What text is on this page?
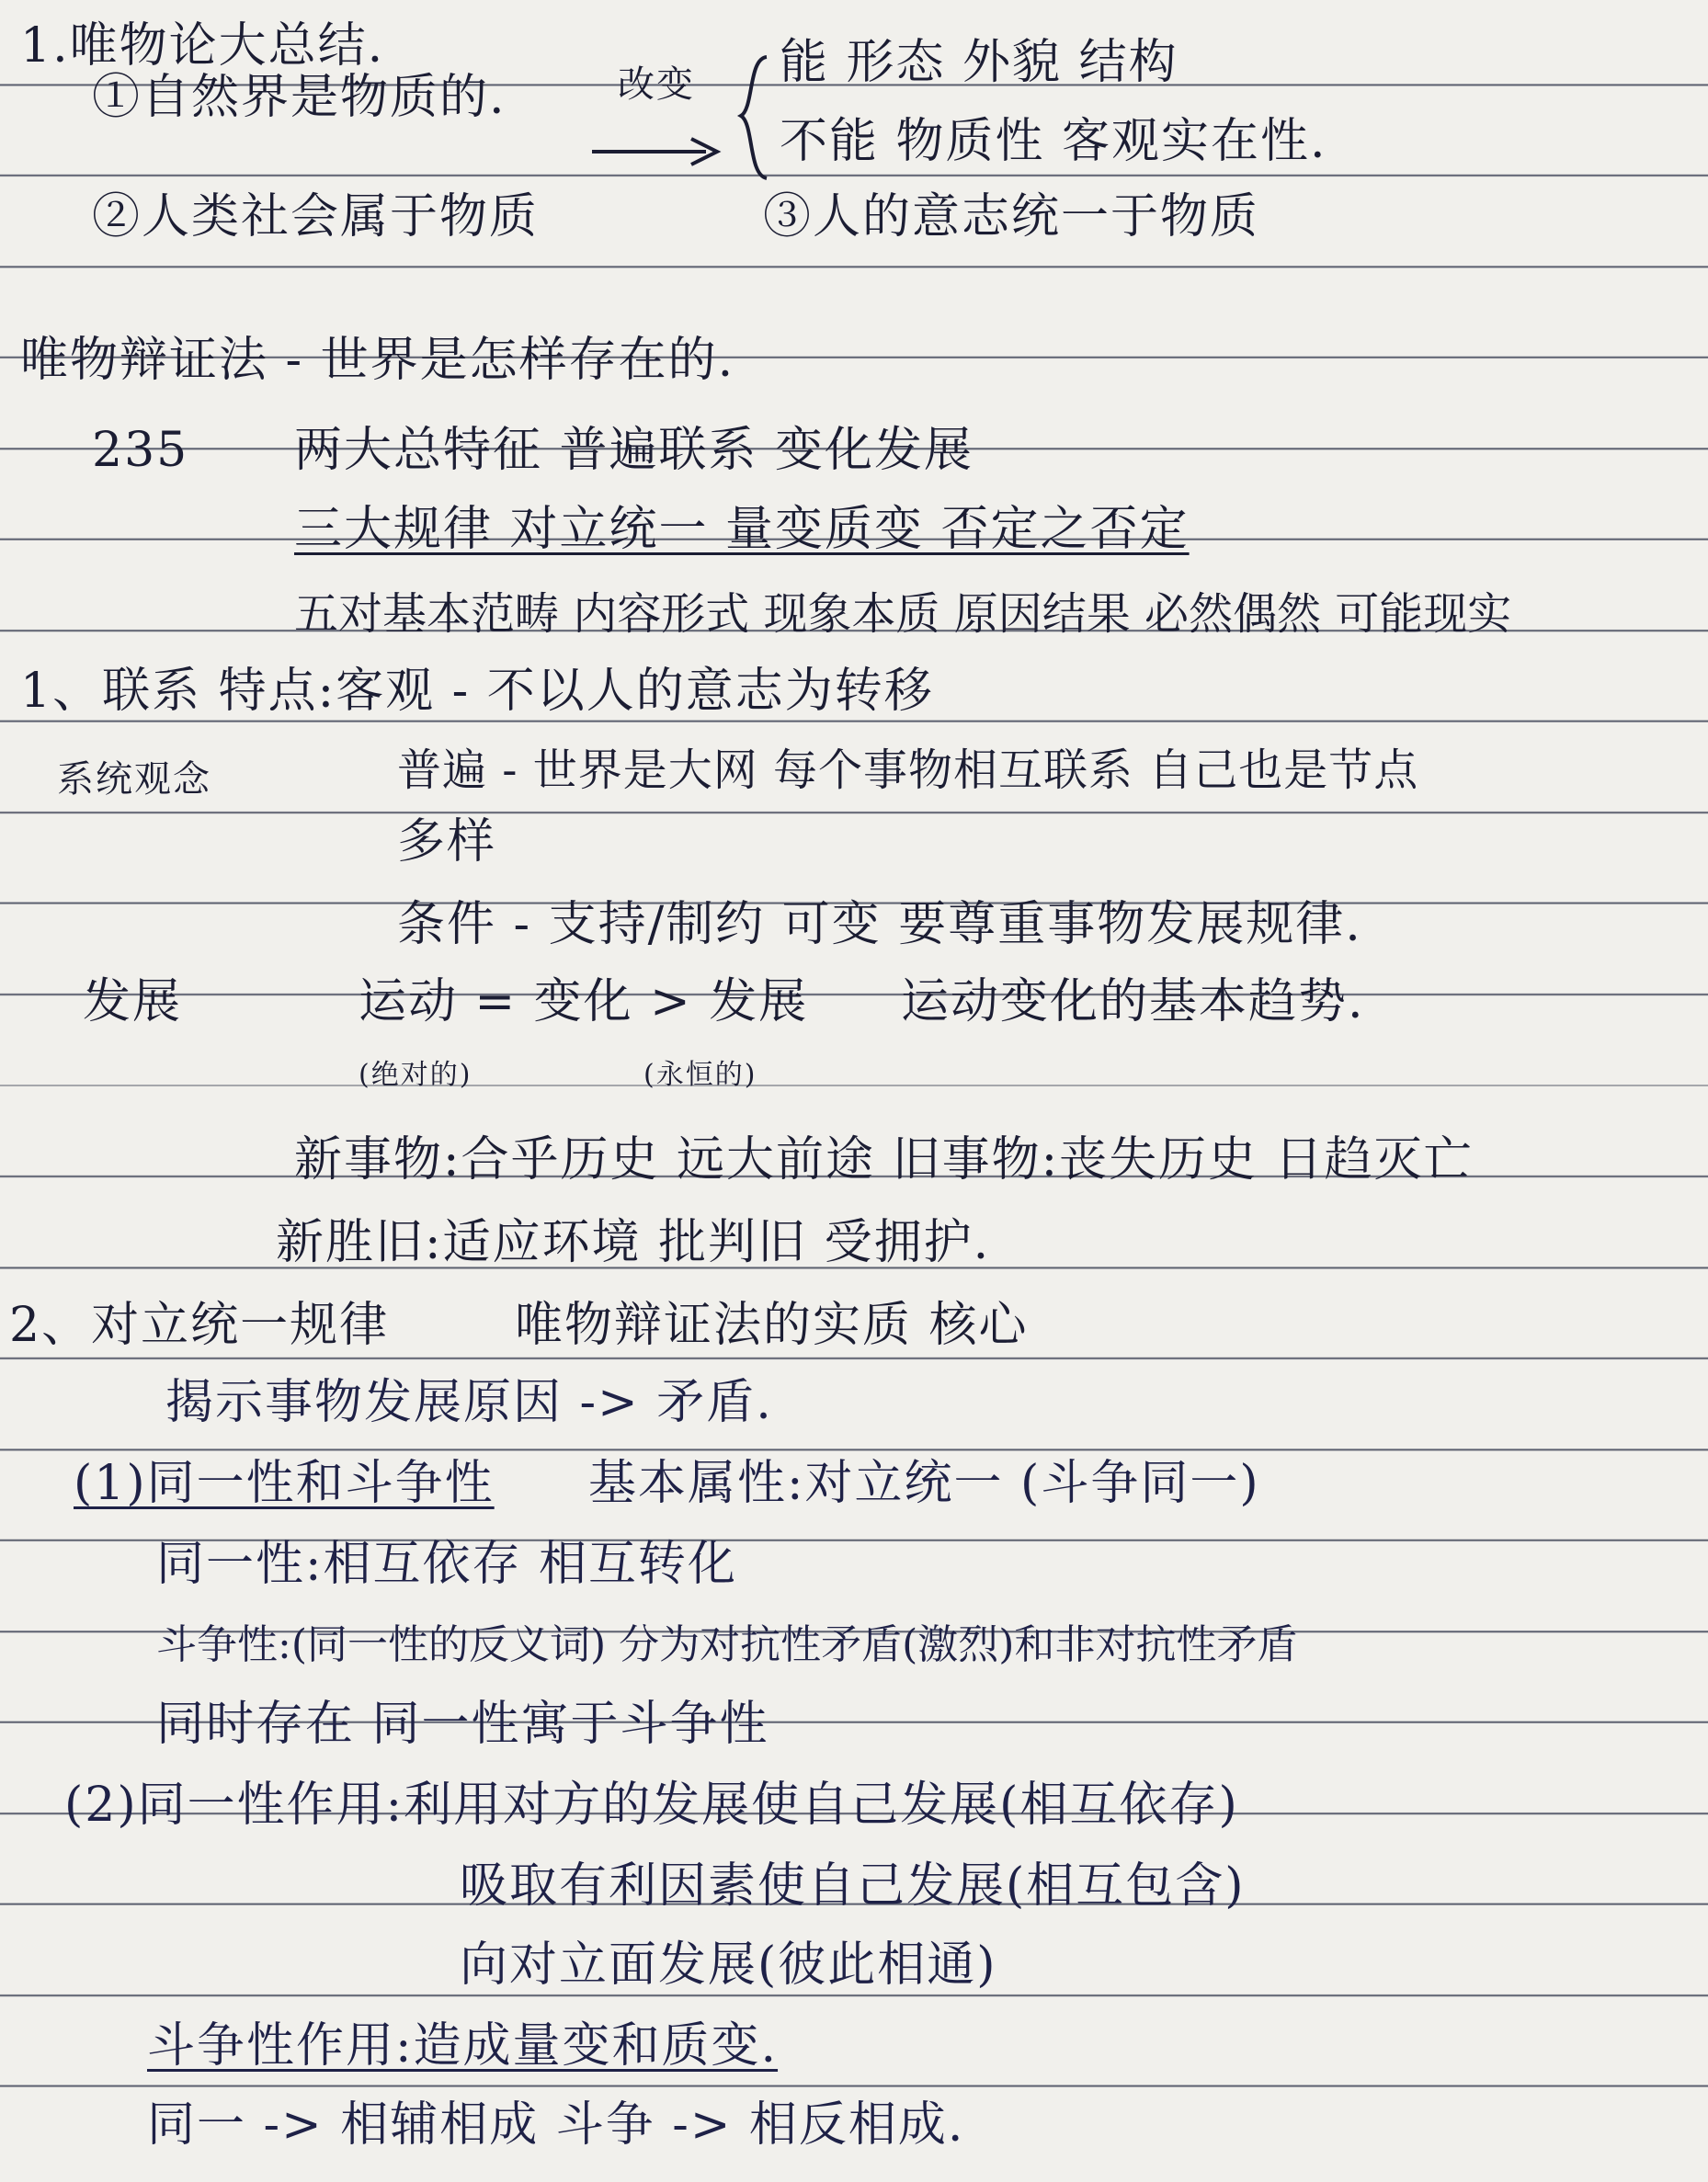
1.唯物论大总结.
①自然界是物质的.	改变 能 形态 外貌 结构
不能 物质性 客观实在性.
②人类社会属于物质	③人的意志统一于物质
唯物辩证法 - 世界是怎样存在的.
235 两大总特征 普遍联系 变化发展
三大规律 对立统一 量变质变 否定之否定
五对基本范畴 内容形式 现象本质 原因结果 必然偶然 可能现实
1、联系 特点:客观 - 不以人的意志为转移
系统观念	普遍 - 世界是大网 每个事物相互联系 自己也是节点
多样
条件 - 支持/制约 可变 要尊重事物发展规律.
发展	运动 = 变化 > 发展 运动变化的基本趋势.
(绝对的)	(永恒的)
新事物:合乎历史 远大前途 旧事物:丧失历史 日趋灭亡
新胜旧:适应环境 批判旧 受拥护.
2、对立统一规律	唯物辩证法的实质 核心
揭示事物发展原因 -> 矛盾.
(1)同一性和斗争性 基本属性:对立统一 (斗争同一)
同一性:相互依存 相互转化
斗争性:(同一性的反义词) 分为对抗性矛盾(激烈)和非对抗性矛盾
同时存在 同一性寓于斗争性
(2)同一性作用:利用对方的发展使自己发展(相互依存)
吸取有利因素使自己发展(相互包含)
向对立面发展(彼此相通)
斗争性作用:造成量变和质变.
同一 -> 相辅相成 斗争 -> 相反相成.
